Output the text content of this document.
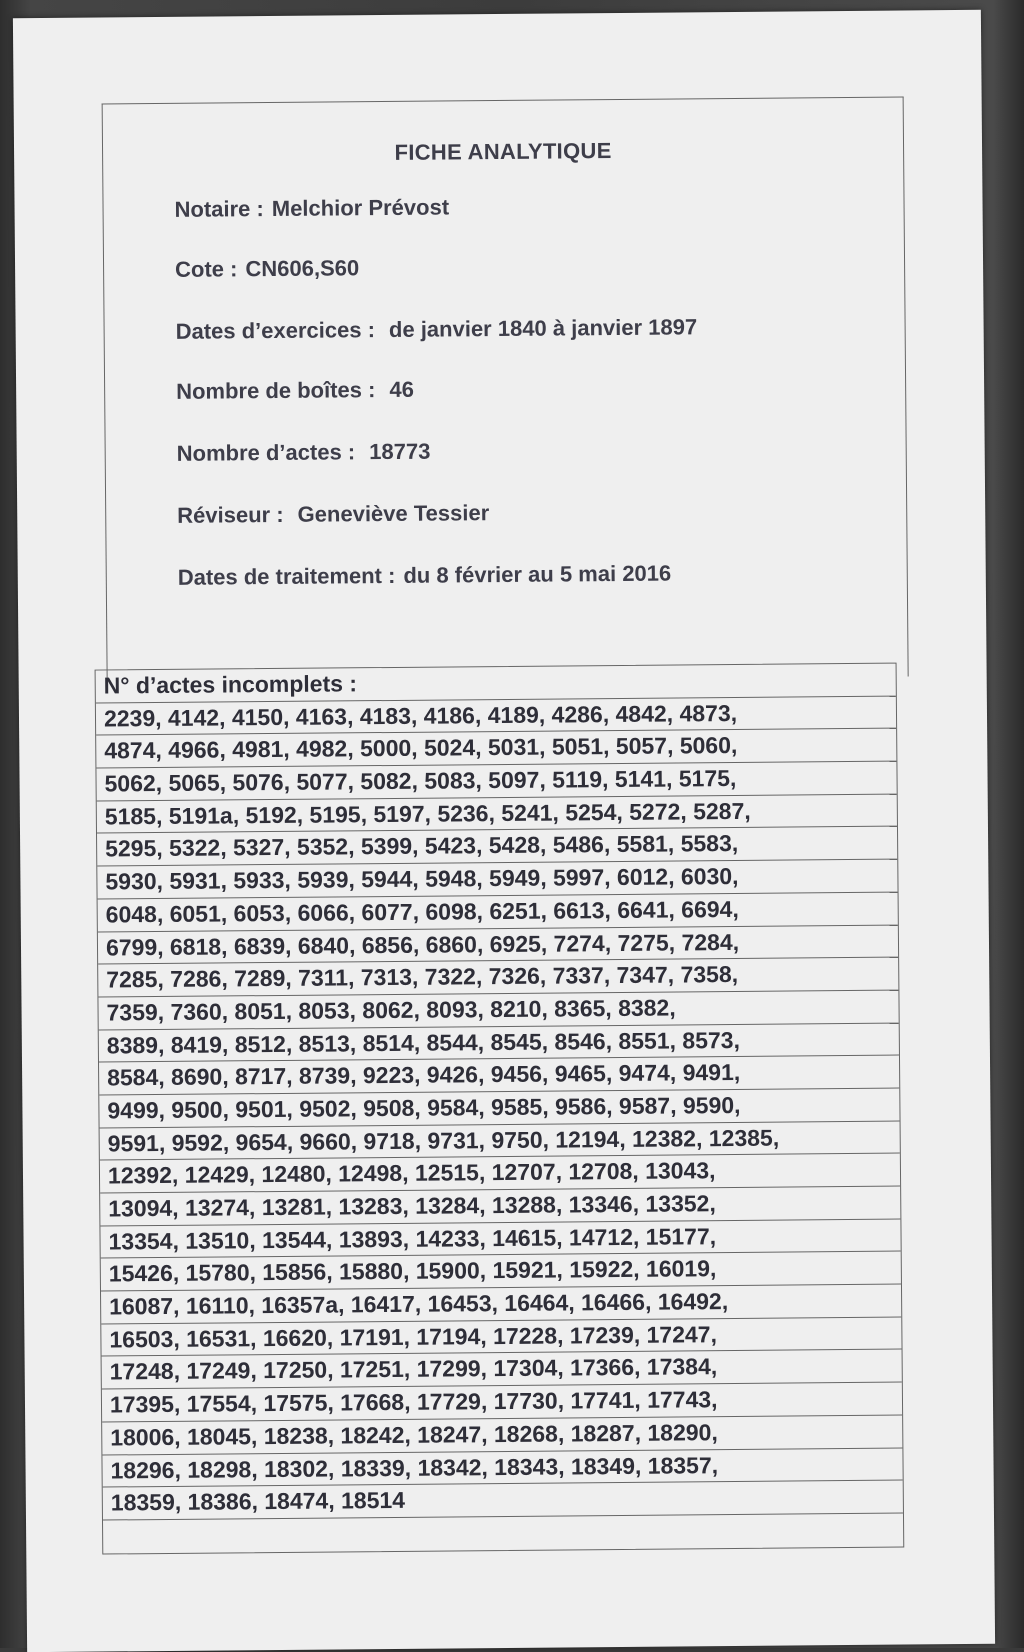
FICHE ANALYTIQUE
Notaire : Melchior Prévost
Cote : CN606,S60
Dates d’exercices : de janvier 1840 à janvier 1897
Nombre de boîtes : 46
Nombre d’actes : 18773
Réviseur : Geneviève Tessier
Dates de traitement : du 8 février au 5 mai 2016
N° d’actes incomplets :
2239, 4142, 4150, 4163, 4183, 4186, 4189, 4286, 4842, 4873,
4874, 4966, 4981, 4982, 5000, 5024, 5031, 5051, 5057, 5060,
5062, 5065, 5076, 5077, 5082, 5083, 5097, 5119, 5141, 5175,
5185, 5191a, 5192, 5195, 5197, 5236, 5241, 5254, 5272, 5287,
5295, 5322, 5327, 5352, 5399, 5423, 5428, 5486, 5581, 5583,
5930, 5931, 5933, 5939, 5944, 5948, 5949, 5997, 6012, 6030,
6048, 6051, 6053, 6066, 6077, 6098, 6251, 6613, 6641, 6694,
6799, 6818, 6839, 6840, 6856, 6860, 6925, 7274, 7275, 7284,
7285, 7286, 7289, 7311, 7313, 7322, 7326, 7337, 7347, 7358,
7359, 7360, 8051, 8053, 8062, 8093, 8210, 8365, 8382,
8389, 8419, 8512, 8513, 8514, 8544, 8545, 8546, 8551, 8573,
8584, 8690, 8717, 8739, 9223, 9426, 9456, 9465, 9474, 9491,
9499, 9500, 9501, 9502, 9508, 9584, 9585, 9586, 9587, 9590,
9591, 9592, 9654, 9660, 9718, 9731, 9750, 12194, 12382, 12385,
12392, 12429, 12480, 12498, 12515, 12707, 12708, 13043,
13094, 13274, 13281, 13283, 13284, 13288, 13346, 13352,
13354, 13510, 13544, 13893, 14233, 14615, 14712, 15177,
15426, 15780, 15856, 15880, 15900, 15921, 15922, 16019,
16087, 16110, 16357a, 16417, 16453, 16464, 16466, 16492,
16503, 16531, 16620, 17191, 17194, 17228, 17239, 17247,
17248, 17249, 17250, 17251, 17299, 17304, 17366, 17384,
17395, 17554, 17575, 17668, 17729, 17730, 17741, 17743,
18006, 18045, 18238, 18242, 18247, 18268, 18287, 18290,
18296, 18298, 18302, 18339, 18342, 18343, 18349, 18357,
18359, 18386, 18474, 18514
